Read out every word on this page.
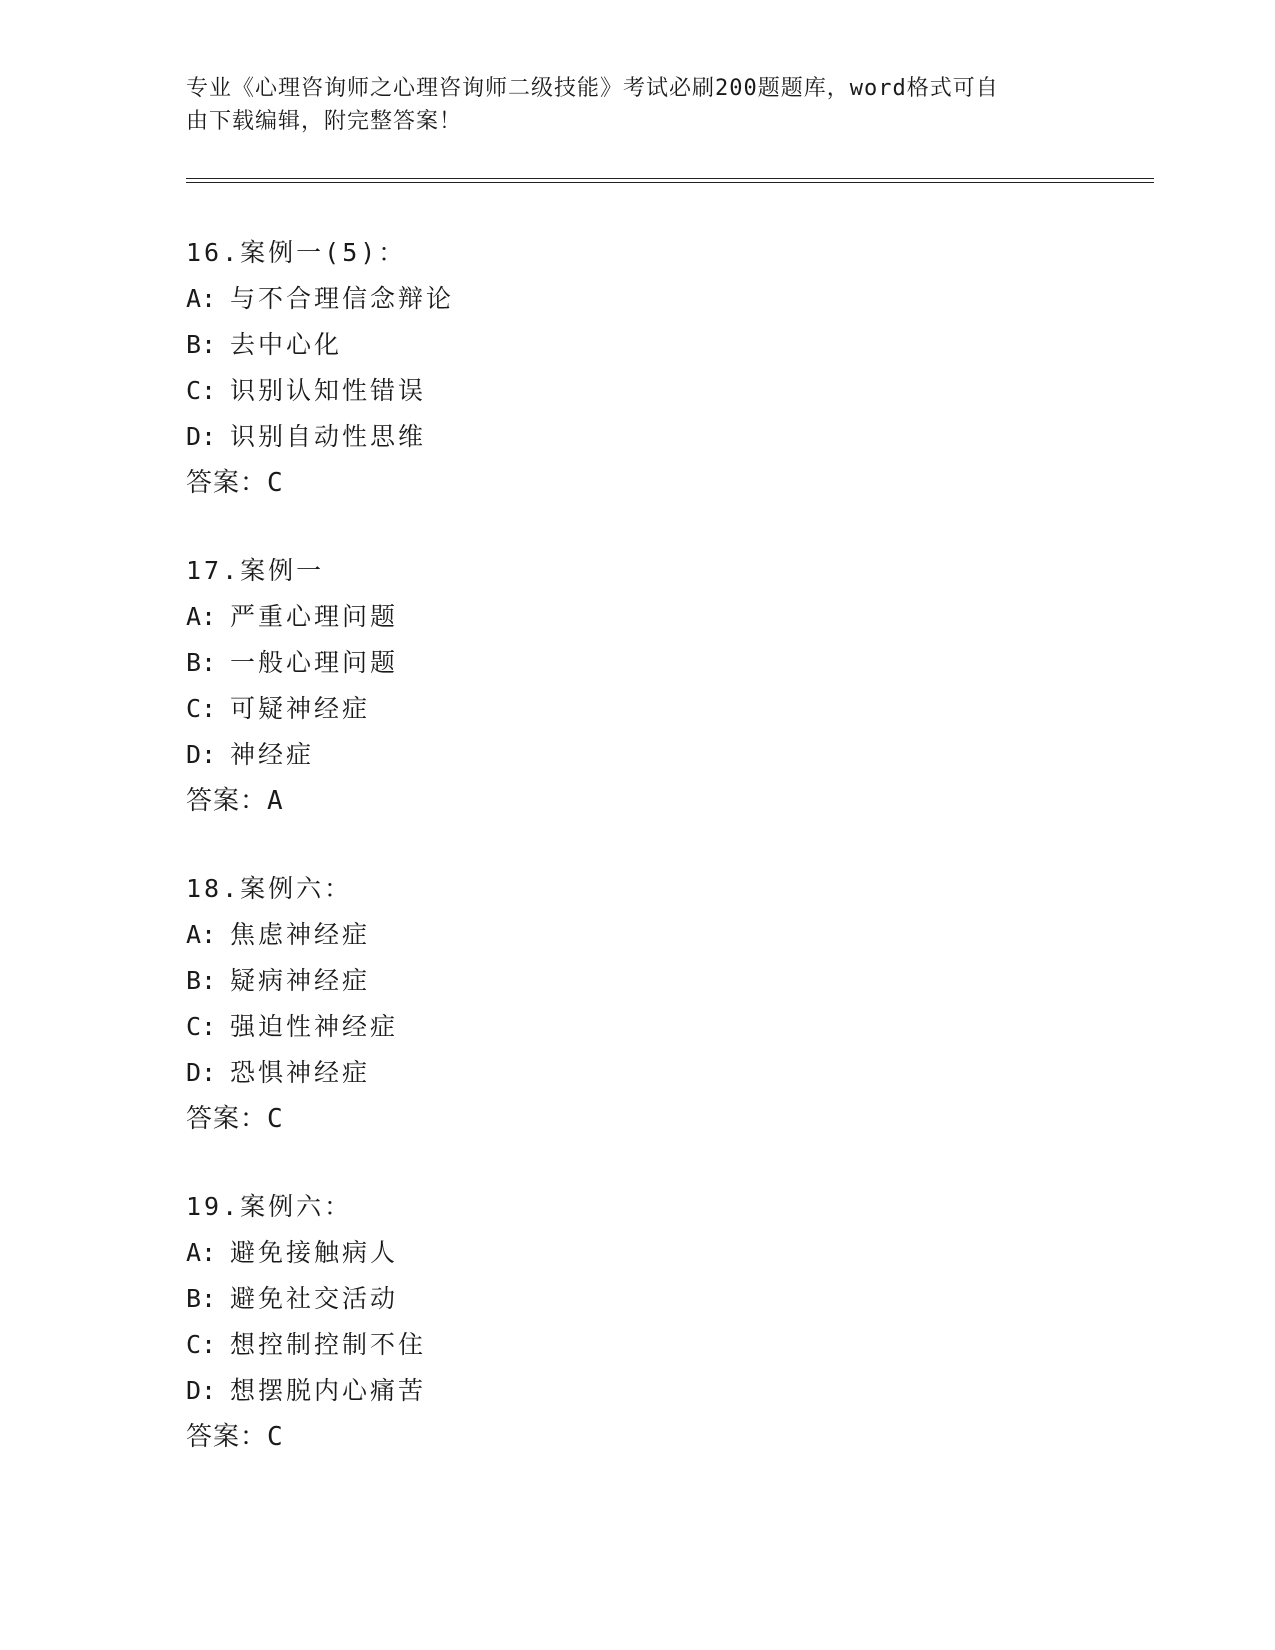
专业《心理咨询师之心理咨询师二级技能》考试必刷200题题库，word格式可自
由下载编辑，附完整答案！
16.案例一(5)：
A: 与不合理信念辩论
B: 去中心化
C: 识别认知性错误
D: 识别自动性思维
答案：C
17.案例一
A: 严重心理问题
B: 一般心理问题
C: 可疑神经症
D: 神经症
答案：A
18.案例六：
A: 焦虑神经症
B: 疑病神经症
C: 强迫性神经症
D: 恐惧神经症
答案：C
19.案例六：
A: 避免接触病人
B: 避免社交活动
C: 想控制控制不住
D: 想摆脱内心痛苦
答案：C
